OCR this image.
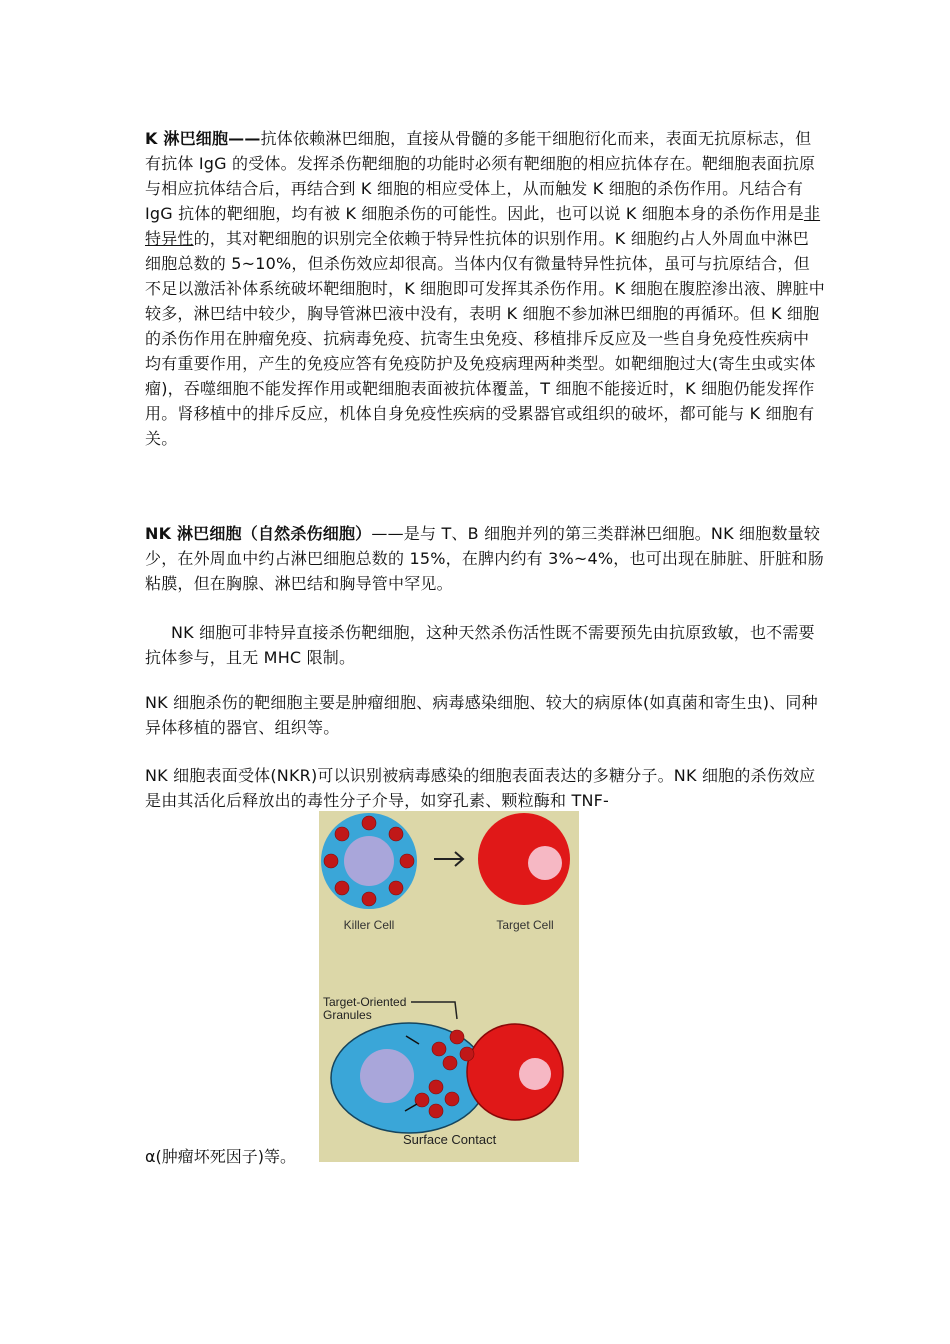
K 淋巴细胞——抗体依赖淋巴细胞，直接从骨髓的多能干细胞衍化而来，表面无抗原标志，但有抗体 IgG 的受体。发挥杀伤靶细胞的功能时必须有靶细胞的相应抗体存在。靶细胞表面抗原与相应抗体结合后，再结合到 K 细胞的相应受体上，从而触发 K 细胞的杀伤作用。凡结合有 IgG 抗体的靶细胞，均有被 K 细胞杀伤的可能性。因此，也可以说 K 细胞本身的杀伤作用是非特异性的，其对靶细胞的识别完全依赖于特异性抗体的识别作用。K 细胞约占人外周血中淋巴细胞总数的 5~10%，但杀伤效应却很高。当体内仅有微量特异性抗体，虽可与抗原结合，但不足以激活补体系统破坏靶细胞时，K 细胞即可发挥其杀伤作用。K 细胞在腹腔渗出液、脾脏中较多，淋巴结中较少，胸导管淋巴液中没有，表明 K 细胞不参加淋巴细胞的再循环。但 K 细胞的杀伤作用在肿瘤免疫、抗病毒免疫、抗寄生虫免疫、移植排斥反应及一些自身免疫性疾病中均有重要作用，产生的免疫应答有免疫防护及免疫病理两种类型。如靶细胞过大(寄生虫或实体瘤)，吞噬细胞不能发挥作用或靶细胞表面被抗体覆盖，T 细胞不能接近时，K 细胞仍能发挥作用。肾移植中的排斥反应，机体自身免疫性疾病的受累器官或组织的破坏，都可能与 K 细胞有关。

NK 淋巴细胞（自然杀伤细胞）——是与 T、B 细胞并列的第三类群淋巴细胞。NK 细胞数量较少，在外周血中约占淋巴细胞总数的 15%，在脾内约有 3%~4%，也可出现在肺脏、肝脏和肠粘膜，但在胸腺、淋巴结和胸导管中罕见。

NK 细胞可非特异直接杀伤靶细胞，这种天然杀伤活性既不需要预先由抗原致敏，也不需要抗体参与，且无 MHC 限制。

NK 细胞杀伤的靶细胞主要是肿瘤细胞、病毒感染细胞、较大的病原体(如真菌和寄生虫)、同种异体移植的器官、组织等。

NK 细胞表面受体(NKR)可以识别被病毒感染的细胞表面表达的多糖分子。NK 细胞的杀伤效应是由其活化后释放出的毒性分子介导，如穿孔素、颗粒酶和 TNF-

Killer Cell	Target Cell
Target-Oriented
Granules
Surface Contact
α(肿瘤坏死因子)等。
